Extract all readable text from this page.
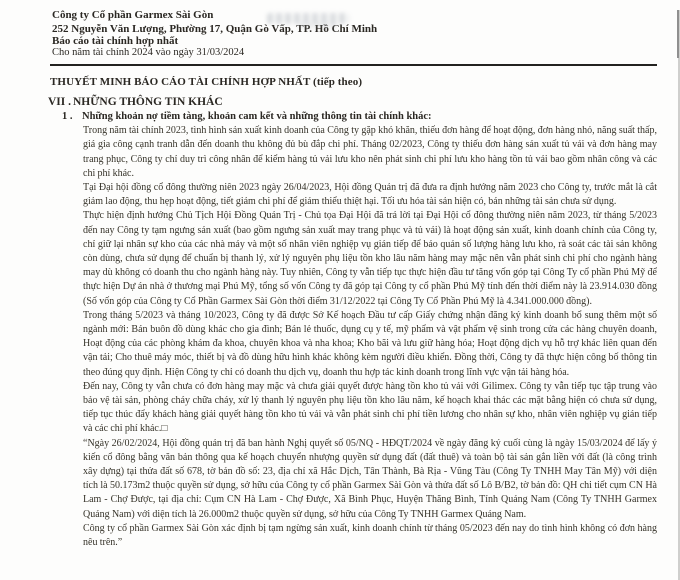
Công ty Cổ phần Garmex Sài Gòn
252 Nguyễn Văn Lượng, Phường 17, Quận Gò Vấp, TP. Hồ Chí Minh
Báo cáo tài chính hợp nhất
Cho năm tài chính 2024 vào ngày 31/03/2024
THUYẾT MINH BÁO CÁO TÀI CHÍNH HỢP NHẤT (tiếp theo)
VII . NHỮNG THÔNG TIN KHÁC
1 . Những khoản nợ tiềm tàng, khoản cam kết và những thông tin tài chính khác:

Trong năm tài chính 2023, tình hình sản xuất kinh doanh của Công ty gặp khó khăn, thiếu đơn hàng để hoạt động, đơn hàng nhỏ, năng suất thấp, giá gia công cạnh tranh dẫn đến doanh thu không đủ bù đắp chi phí. Tháng 02/2023, Công ty thiếu đơn hàng sản xuất tủ vải và đơn hàng may trang phục, Công ty chỉ duy trì công nhân để kiểm hàng tủ vải lưu kho nên phát sinh chi phí lưu kho hàng tồn tủ vải bao gồm nhân công và các chi phí khác.

Tại Đại hội đồng cổ đông thường niên 2023 ngày 26/04/2023, Hội đồng Quản trị đã đưa ra định hướng năm 2023 cho Công ty, trước mắt là cắt giảm lao động, thu hẹp hoạt động, tiết giảm chi phí để giảm thiểu thiệt hại. Tối ưu hóa tài sản hiện có, bán những tài sản chưa sử dụng.

Thực hiện định hướng Chủ Tịch Hội Đồng Quản Trị - Chủ tọa Đại Hội đã trả lời tại Đại Hội cổ đông thường niên năm 2023, từ tháng 5/2023 đến nay Công ty tạm ngưng sản xuất (bao gồm ngưng sản xuất may trang phục và tủ vải) là hoạt động sản xuất, kinh doanh chính của Công ty, chỉ giữ lại nhân sự kho của các nhà máy và một số nhân viên nghiệp vụ gián tiếp để bảo quản số lượng hàng lưu kho, rà soát các tài sản không còn dùng, chưa sử dụng để chuẩn bị thanh lý, xử lý nguyên phụ liệu tồn kho lâu năm hàng may mặc nên vẫn phát sinh chi phí cho ngành hàng may dù không có doanh thu cho ngành hàng này. Tuy nhiên, Công ty vẫn tiếp tục thực hiện đầu tư tăng vốn góp tại Công Ty cổ phần Phú Mỹ để thực hiện Dự án nhà ở thương mại Phú Mỹ, tổng số vốn Công ty đã góp tại Công ty cổ phần Phú Mỹ tính đến thời điểm này là 23.914.030 đồng (Số vốn góp của Công ty Cổ Phần Garmex Sài Gòn thời điểm 31/12/2022 tại Công Ty Cổ Phần Phú Mỹ là 4.341.000.000 đồng).

Trong tháng 5/2023 và tháng 10/2023, Công ty đã được Sở Kế hoạch Đầu tư cấp Giấy chứng nhận đăng ký kinh doanh bổ sung thêm một số ngành mới: Bán buôn đồ dùng khác cho gia đình; Bán lẻ thuốc, dụng cụ y tế, mỹ phẩm và vật phẩm vệ sinh trong cửa các hàng chuyên doanh, Hoạt động của các phòng khám đa khoa, chuyên khoa và nha khoa; Kho bãi và lưu giữ hàng hóa; Hoạt động dịch vụ hỗ trợ khác liên quan đến vận tải; Cho thuê máy móc, thiết bị và đồ dùng hữu hình khác không kèm người điều khiển. Đồng thời, Công ty đã thực hiện công bố thông tin theo đúng quy định. Hiện Công ty chỉ có doanh thu dịch vụ, doanh thu hợp tác kinh doanh trong lĩnh vực vận tải hàng hóa.

Đến nay, Công ty vẫn chưa có đơn hàng may mặc và chưa giải quyết được hàng tồn kho tủ vải với Gilimex. Công ty vẫn tiếp tục tập trung vào bảo vệ tài sản, phòng cháy chữa cháy, xử lý thanh lý nguyên phụ liệu tồn kho lâu năm, kế hoạch khai thác các mặt bằng hiện có chưa sử dụng, tiếp tục thúc đẩy khách hàng giải quyết hàng tồn kho tủ vải và vẫn phát sinh chi phí tiền lương cho nhân sự kho, nhân viên nghiệp vụ gián tiếp và các chi phí khác.□

“Ngày 26/02/2024, Hội đồng quản trị đã ban hành Nghị quyết số 05/NQ - HĐQT/2024 về ngày đăng ký cuối cùng là ngày 15/03/2024 để lấy ý kiến cổ đông bằng văn bản thông qua kế hoạch chuyển nhượng quyền sử dụng đất (đất thuê) và toàn bộ tài sản gắn liền với đất (là công trình xây dựng) tại thửa đất số 678, tờ bản đồ số: 23, địa chỉ xã Hắc Dịch, Tân Thành, Bà Rịa - Vũng Tàu (Công Ty TNHH May Tân Mỹ) với diện tích là 50.173m2 thuộc quyền sử dụng, sở hữu của Công ty cổ phần Garmex Sài Gòn và thửa đất số Lô B/B2, tờ bản đồ: QH chi tiết cụm CN Hà Lam - Chợ Được, tại địa chỉ: Cụm CN Hà Lam - Chợ Được, Xã Bình Phục, Huyện Thăng Bình, Tỉnh Quảng Nam (Công Ty TNHH Garmex Quảng Nam) với diện tích là 26.000m2 thuộc quyền sử dụng, sở hữu của Công Ty TNHH Garmex Quảng Nam.

Công ty cổ phần Garmex Sài Gòn xác định bị tạm ngừng sản xuất, kinh doanh chính từ tháng 05/2023 đến nay do tình hình không có đơn hàng nêu trên.”
